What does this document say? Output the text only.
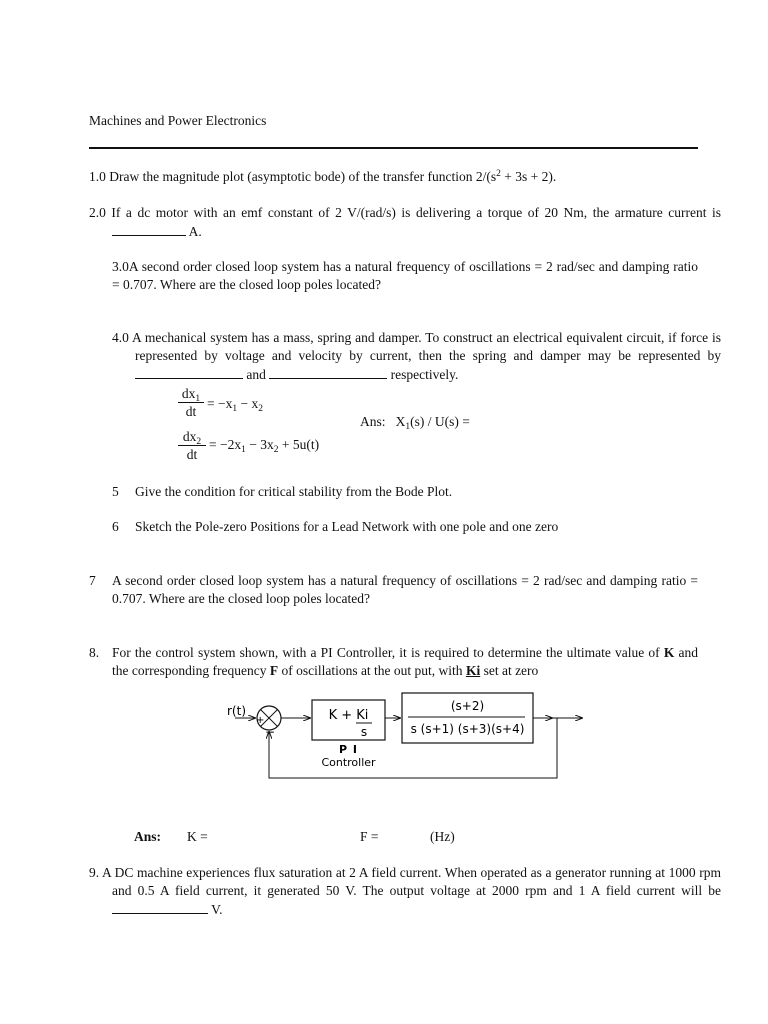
Machines and Power Electronics
1.0 Draw the magnitude plot (asymptotic bode) of the transfer function $2/(s^2 + 3s + 2)$.
2.0 If a dc motor with an emf constant of 2 V/(rad/s) is delivering a torque of 20 Nm, the armature current is  A.
3.0A second order closed loop system has a natural frequency of oscillations = 2 rad/sec and damping ratio = 0.707. Where are the closed loop poles located?
4.0 A mechanical system has a mass, spring and damper. To construct an electrical equivalent circuit, if force is represented by voltage and velocity by current, then the spring and damper may be represented by  and	respectively.
$\frac{dx_1}{dt} = -x_1 - x_2$
$\frac{dx_2}{dt} = -2x_1 - 3x_2 + 5u(t)$
Ans: $X_1(s) / U(s)$ =
5 Give the condition for critical stability from the Bode Plot.
6 Sketch the Pole-zero Positions for a Lead Network with one pole and one zero
7 A second order closed loop system has a natural frequency of oscillations = 2 rad/sec and damping ratio = 0.707. Where are the closed loop poles located?
8. For the control system shown, with a PI Controller, it is required to determine the ultimate value of K and the corresponding frequency F of oscillations at the out put, with Ki set at zero
r(t)
+
−
K + Ki
s
P I
Controller
(s+2)
s (s+1) (s+3)(s+4)
Ans: K =	F =	(Hz)
9. A DC machine experiences flux saturation at 2 A field current. When operated as a generator running at 1000 rpm and 0.5 A field current, it generated 50 V. The output voltage at 2000 rpm and 1 A field current will be  V.
